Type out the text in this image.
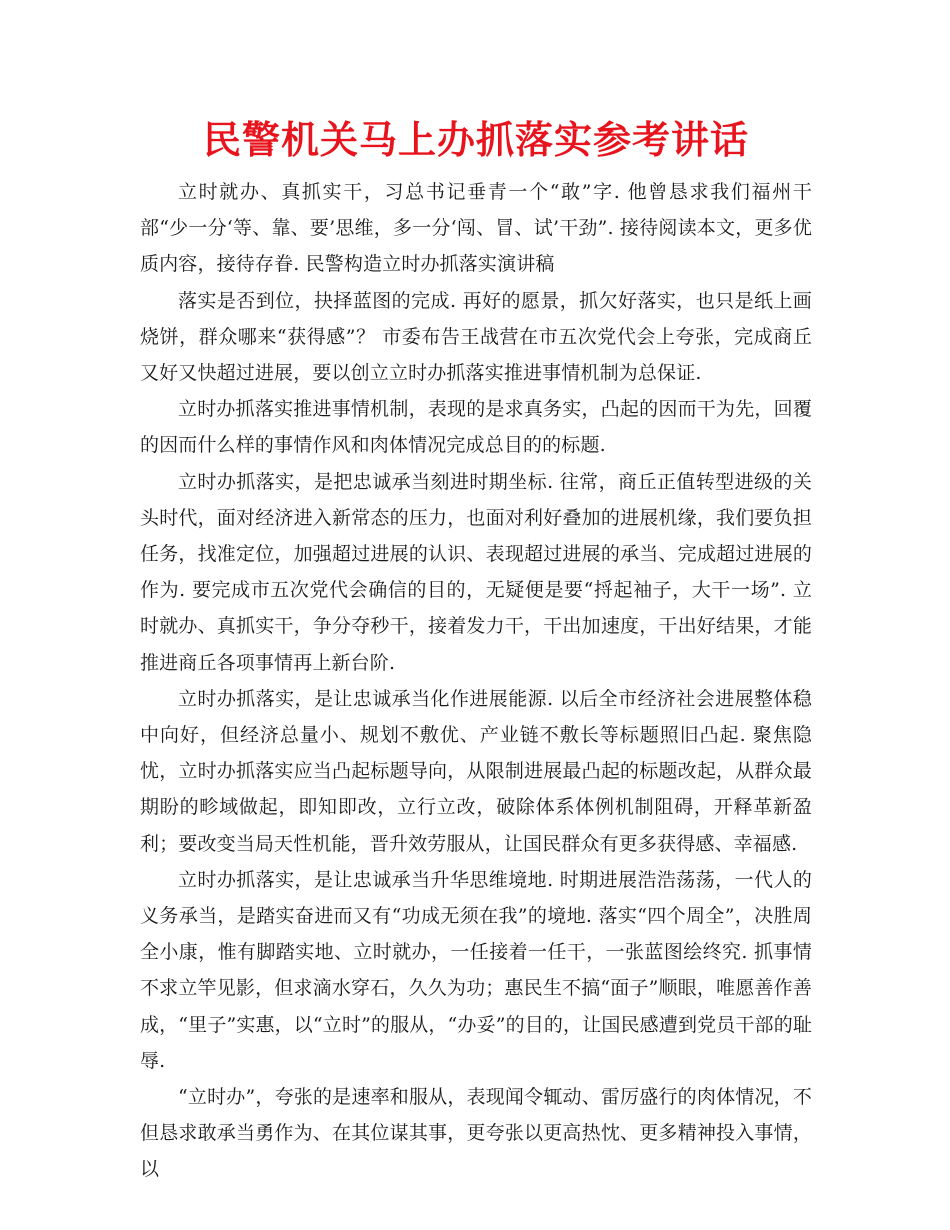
民警机关马上办抓落实参考讲话

立时就办、真抓实干，习总书记垂青一个“敢”字. 他曾恳求我们福州干部“少一分‘等、靠、要’思维，多一分‘闯、冒、试’干劲”. 接待阅读本文，更多优质内容，接待存眷. 民警构造立时办抓落实演讲稿

落实是否到位，抉择蓝图的完成. 再好的愿景，抓欠好落实，也只是纸上画烧饼，群众哪来“获得感”？ 市委布告王战营在市五次党代会上夸张，完成商丘又好又快超过进展，要以创立立时办抓落实推进事情机制为总保证.

立时办抓落实推进事情机制，表现的是求真务实，凸起的因而干为先，回覆的因而什么样的事情作风和肉体情况完成总目的的标题.

立时办抓落实，是把忠诚承当刻进时期坐标. 往常，商丘正值转型进级的关头时代，面对经济进入新常态的压力，也面对利好叠加的进展机缘，我们要负担任务，找准定位，加强超过进展的认识、表现超过进展的承当、完成超过进展的作为. 要完成市五次党代会确信的目的，无疑便是要“捋起袖子，大干一场”. 立时就办、真抓实干，争分夺秒干，接着发力干，干出加速度，干出好结果，才能推进商丘各项事情再上新台阶.

立时办抓落实，是让忠诚承当化作进展能源. 以后全市经济社会进展整体稳中向好，但经济总量小、规划不敷优、产业链不敷长等标题照旧凸起. 聚焦隐忧，立时办抓落实应当凸起标题导向，从限制进展最凸起的标题改起，从群众最期盼的畛域做起，即知即改，立行立改，破除体系体例机制阻碍，开释革新盈利；要改变当局天性机能，晋升效劳服从，让国民群众有更多获得感、幸福感.

立时办抓落实，是让忠诚承当升华思维境地. 时期进展浩浩荡荡，一代人的义务承当，是踏实奋进而又有“功成无须在我”的境地. 落实“四个周全”，决胜周全小康，惟有脚踏实地、立时就办，一任接着一任干，一张蓝图绘终究. 抓事情不求立竿见影，但求滴水穿石，久久为功；惠民生不搞“面子”顺眼，唯愿善作善成，“里子”实惠，以“立时”的服从，“办妥”的目的，让国民感遭到党员干部的耻辱.

“立时办”，夸张的是速率和服从，表现闻令辄动、雷厉盛行的肉体情况，不但恳求敢承当勇作为、在其位谋其事，更夸张以更高热忱、更多精神投入事情，以
